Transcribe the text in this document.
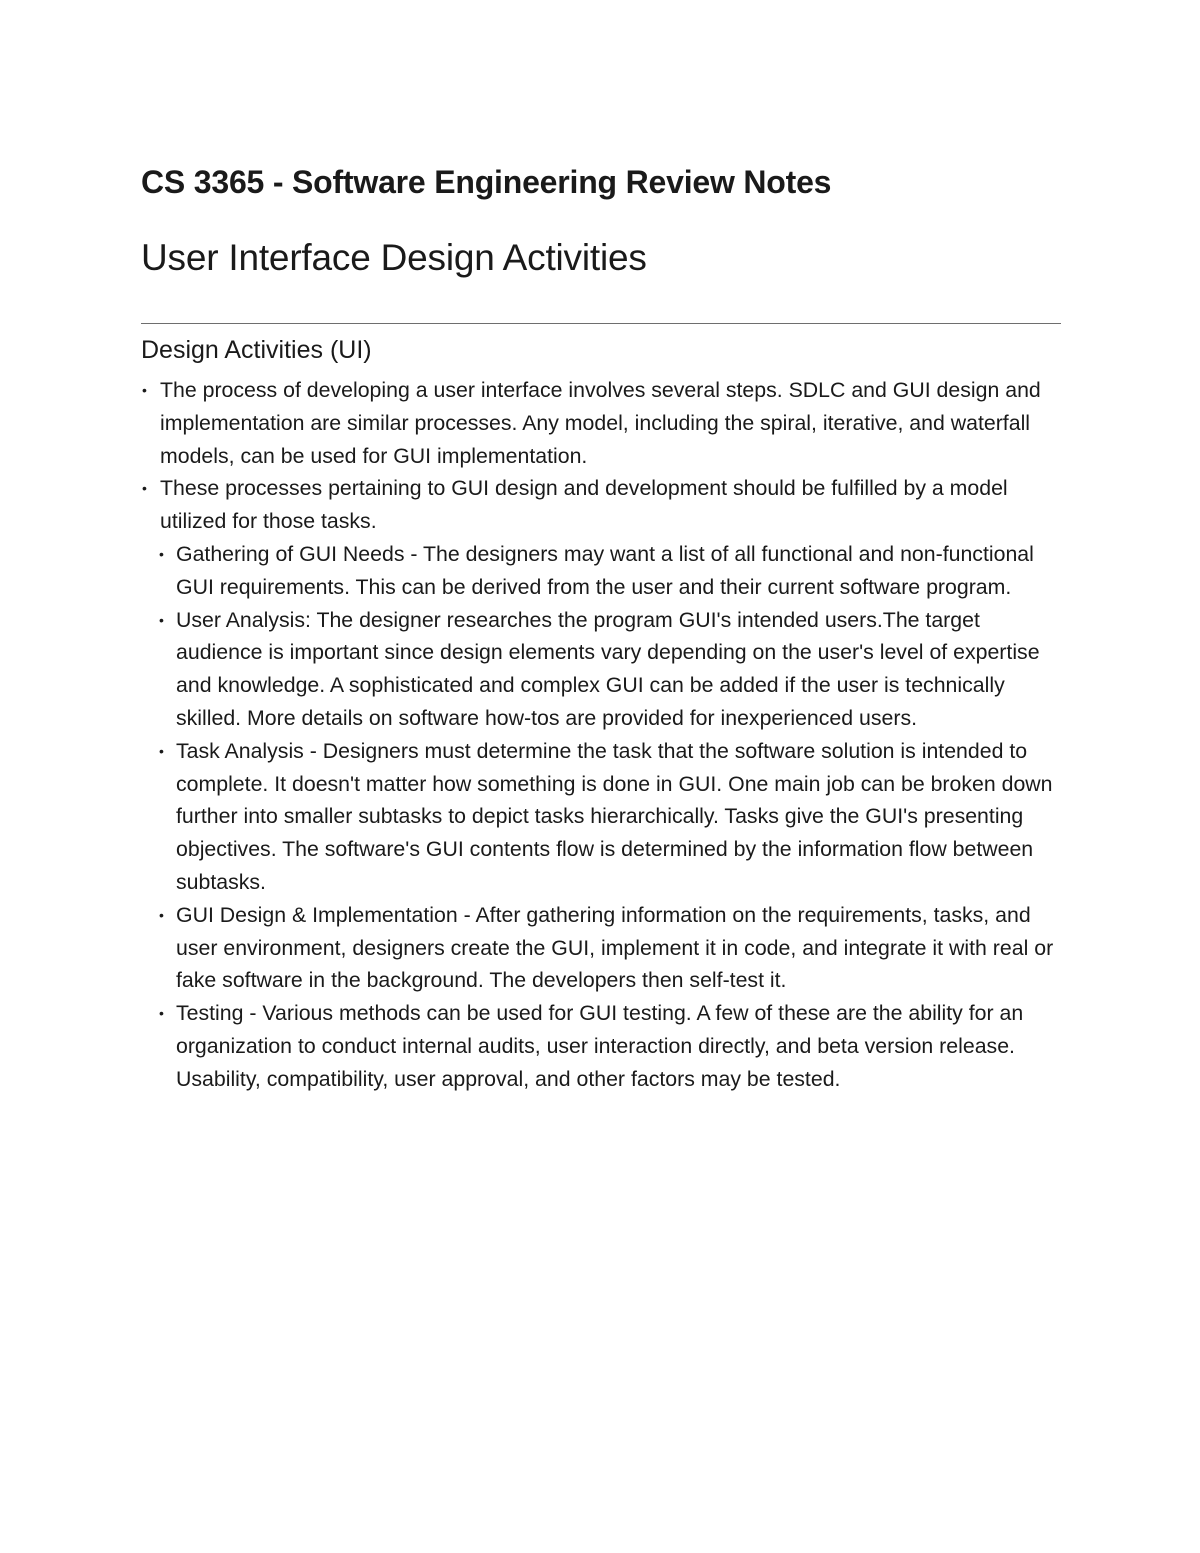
CS 3365 - Software Engineering Review Notes
User Interface Design Activities
Design Activities (UI)
• The process of developing a user interface involves several steps. SDLC and GUI design and implementation are similar processes. Any model, including the spiral, iterative, and waterfall models, can be used for GUI implementation.
• These processes pertaining to GUI design and development should be fulfilled by a model utilized for those tasks.
• Gathering of GUI Needs - The designers may want a list of all functional and non-functional GUI requirements. This can be derived from the user and their current software program.
• User Analysis: The designer researches the program GUI's intended users.The target audience is important since design elements vary depending on the user's level of expertise and knowledge. A sophisticated and complex GUI can be added if the user is technically skilled. More details on software how-tos are provided for inexperienced users.
• Task Analysis - Designers must determine the task that the software solution is intended to complete. It doesn't matter how something is done in GUI. One main job can be broken down further into smaller subtasks to depict tasks hierarchically. Tasks give the GUI's presenting objectives. The software's GUI contents flow is determined by the information flow between subtasks.
• GUI Design & Implementation - After gathering information on the requirements, tasks, and user environment, designers create the GUI, implement it in code, and integrate it with real or fake software in the background. The developers then self-test it.
• Testing - Various methods can be used for GUI testing. A few of these are the ability for an organization to conduct internal audits, user interaction directly, and beta version release. Usability, compatibility, user approval, and other factors may be tested.
